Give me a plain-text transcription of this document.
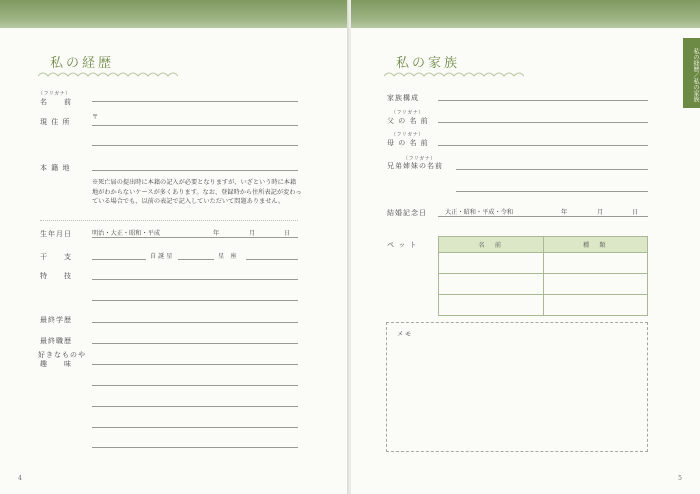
私の経歴
（フリガナ）
名　　前
現 住 所
〒
本 籍 地
※死亡届の提出時に本籍の記入が必要となりますが、いざという時に本籍地がわからないケースが多くあります。なお、登録時から住所表記が変わっている場合でも、以前の表記で記入していただいて問題ありません。
生年月日	明治・大正・昭和・平成	年	月	日
干　　支	自 誕 星	星　座
特　　技
最終学歴
最終職歴
好きなものや
趣　　味
4
私の経歴／私の家族
私の家族
家族構成
（フリガナ）
父 の 名 前
（フリガナ）
母 の 名 前
（フリガナ）
兄弟姉妹の名前
結婚記念日	大正・昭和・平成・令和	年	月	日
ペ ッ ト	名　前	種　類

メ モ
5
